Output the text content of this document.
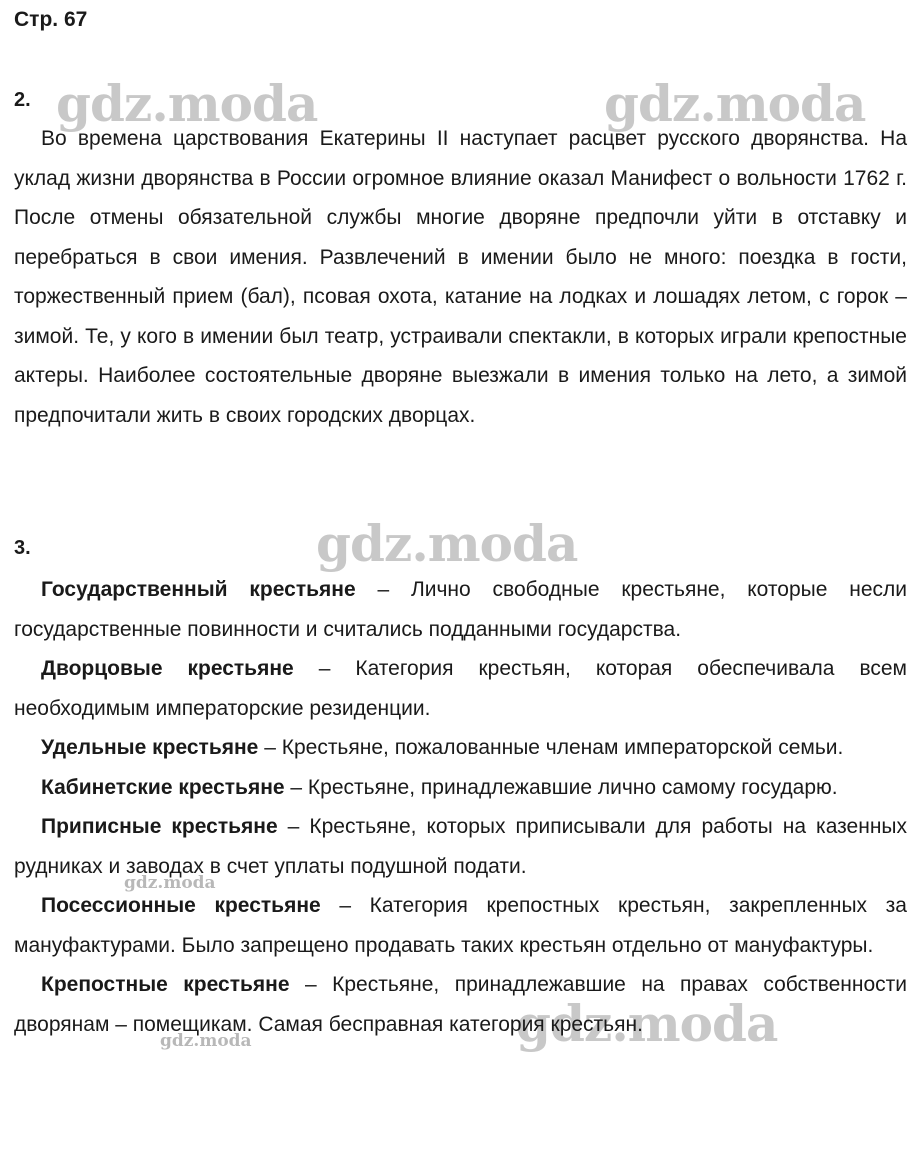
Стр. 67
gdz.moda	gdz.moda
gdz.moda
gdz.moda
gdz.moda
gdz.moda
2.

Во времена царствования Екатерины II наступает расцвет русского дворянства. На уклад жизни дворянства в России огромное влияние оказал Манифест о вольности 1762 г. После отмены обязательной службы многие дворяне предпочли уйти в отставку и перебраться в свои имения. Развлечений в имении было не много: поездка в гости, торжественный прием (бал), псовая охота, катание на лодках и лошадях летом, с горок – зимой. Те, у кого в имении был театр, устраивали спектакли, в которых играли крепостные актеры. Наиболее состоятельные дворяне выезжали в имения только на лето, а зимой предпочитали жить в своих городских дворцах.

3.

Государственный крестьяне – Лично свободные крестьяне, которые несли государственные повинности и считались подданными государства.

Дворцовые крестьяне – Категория крестьян, которая обеспечивала всем необходимым императорские резиденции.

Удельные крестьяне – Крестьяне, пожалованные членам императорской семьи.

Кабинетские крестьяне – Крестьяне, принадлежавшие лично самому государю.

Приписные крестьяне – Крестьяне, которых приписывали для работы на казенных рудниках и заводах в счет уплаты подушной подати.

Посессионные крестьяне – Категория крепостных крестьян, закрепленных за мануфактурами. Было запрещено продавать таких крестьян отдельно от мануфактуры.

Крепостные крестьяне – Крестьяне, принадлежавшие на правах собственности дворянам – помещикам. Самая бесправная категория крестьян.
